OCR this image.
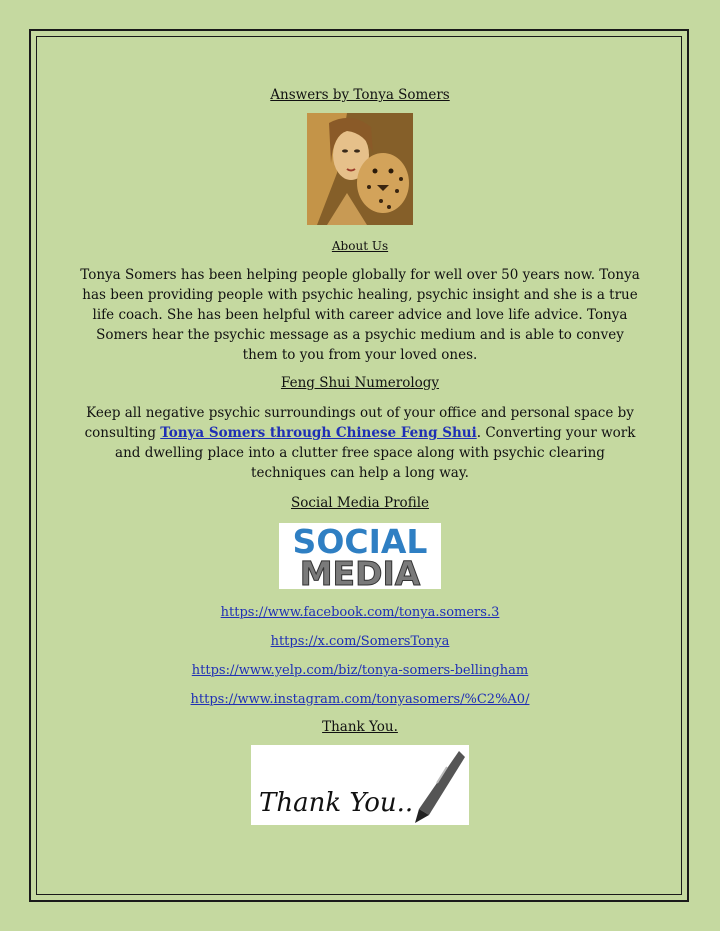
Answers by Tonya Somers
About Us

Tonya Somers has been helping people globally for well over 50 years now. Tonya has been providing people with psychic healing, psychic insight and she is a true life coach. She has been helpful with career advice and love life advice. Tonya Somers hear the psychic message as a psychic medium and is able to convey them to you from your loved ones.

Feng Shui Numerology

Keep all negative psychic surroundings out of your office and personal space by consulting Tonya Somers through Chinese Feng Shui. Converting your work and dwelling place into a clutter free space along with psychic clearing techniques can help a long way.

Social Media Profile
SOCIAL
MEDIA
https://www.facebook.com/tonya.somers.3
https://x.com/SomersTonya
https://www.yelp.com/biz/tonya-somers-bellingham
https://www.instagram.com/tonyasomers/%C2%A0/
Thank You.
Thank You..
